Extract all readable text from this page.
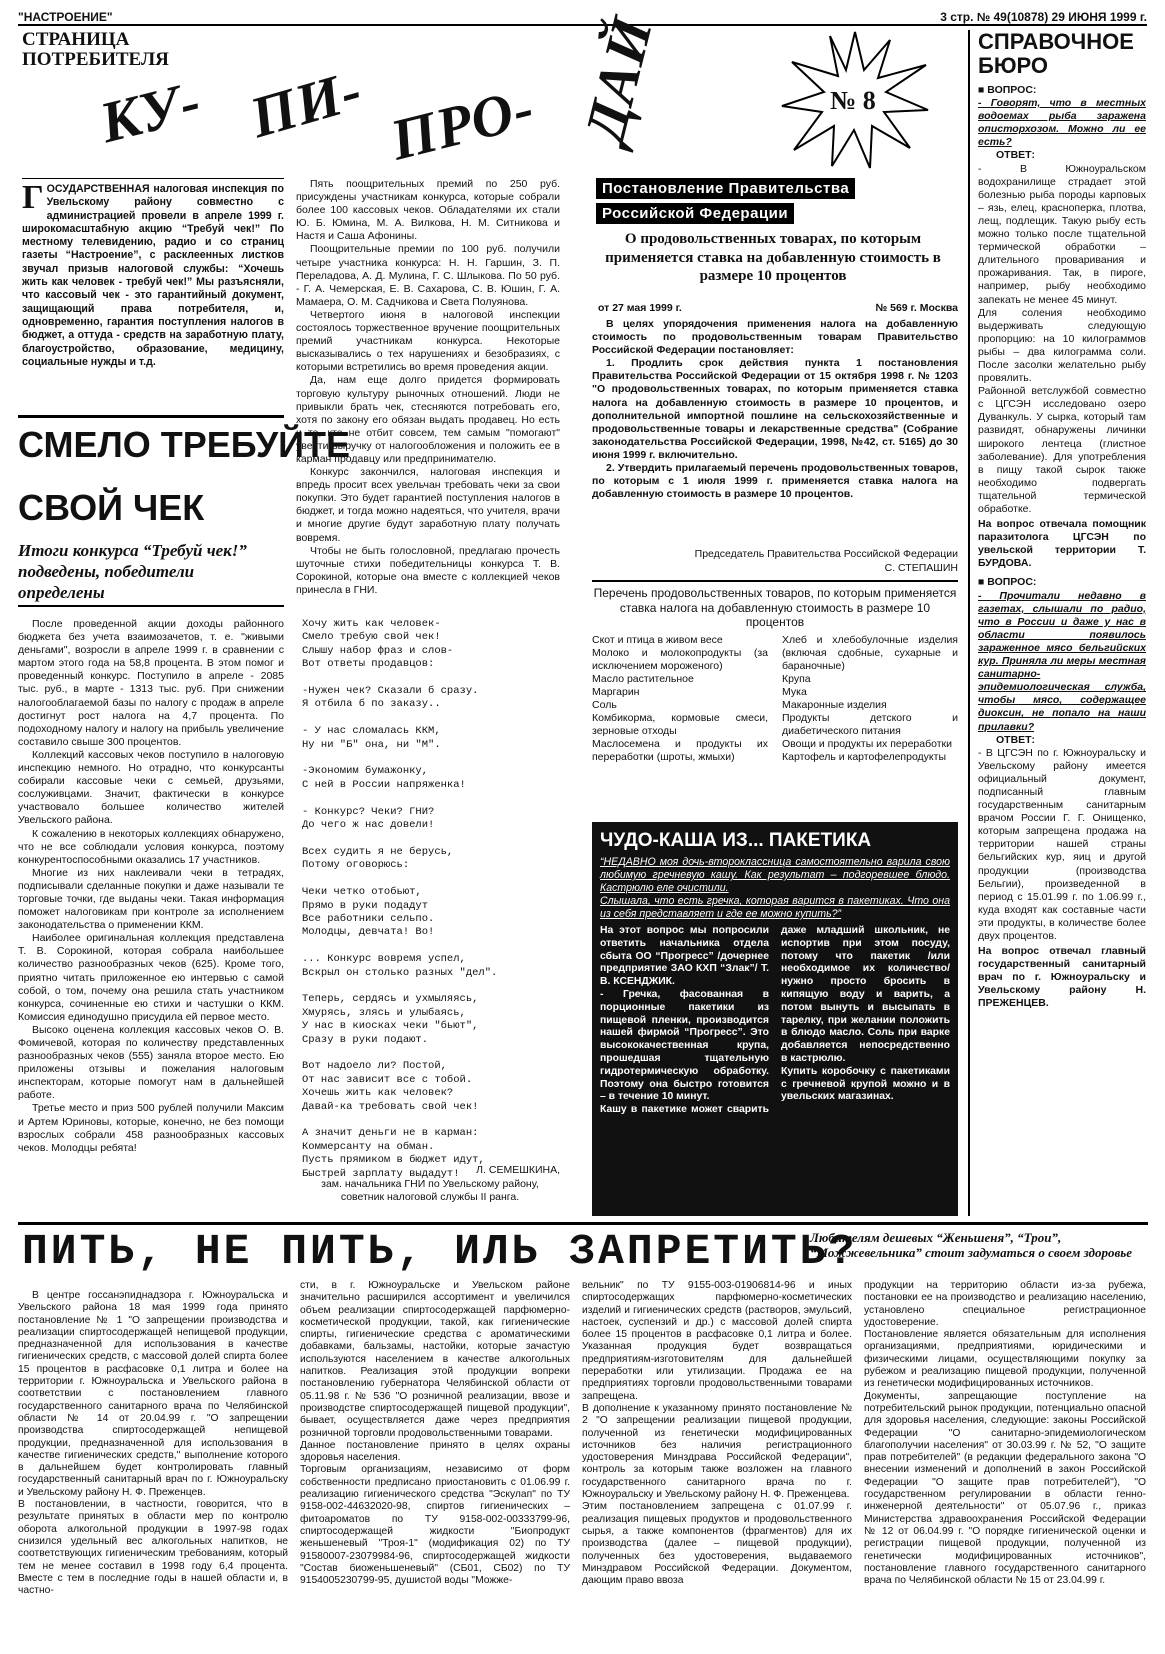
"НАСТРОЕНИЕ"	3 стр. № 49(10878) 29 ИЮНЯ 1999 г.
СТРАНИЦА
ПОТРЕБИТЕЛЯ
КУ- ПИ- ПРО- ДАЙ	№ 8
Г ОСУДАРСТВЕННАЯ налоговая инспекция по Увельскому району совместно с администрацией провели в апреле 1999 г. широкомасштабную акцию “Требуй чек!” По местному телевидению, радио и со страниц газеты “Настроение”, с расклеенных листков звучал призыв налоговой службы: “Хочешь жить как человек - требуй чек!” Мы разъясняли, что кассовый чек - это гарантийный документ, защищающий права потребителя, и, одновременно, гарантия поступления налогов в бюджет, а оттуда - средств на заработную плату, благоустройство, образование, медицину, социальные нужды и т.д.
СМЕЛО ТРЕБУЙТЕ
СВОЙ ЧЕК
Итоги конкурса “Требуй чек!” подведены, победители определены

После проведенной акции доходы районного бюджета без учета взаимозачетов, т. е. "живыми деньгами", возросли в апреле 1999 г. в сравнении с мартом этого года на 58,8 процента. В этом помог и проведенный конкурс. Поступило в апреле - 2085 тыс. руб., в марте - 1313 тыс. руб. При снижении налогооблагаемой базы по налогу с продаж в апреле достигнут рост налога на 4,7 процента. По подоходному налогу и налогу на прибыль увеличение составило свыше 300 процентов.

Коллекций кассовых чеков поступило в налоговую инспекцию немного. Но отрадно, что конкурсанты собирали кассовые чеки с семьей, друзьями, сослуживцами. Значит, фактически в конкурсе участвовало большее количество жителей Увельского района.

К сожалению в некоторых коллекциях обнаружено, что не все соблюдали условия конкурса, поэтому конкурентоспособными оказались 17 участников.

Многие из них наклеивали чеки в тетрадях, подписывали сделанные покупки и даже называли те торговые точки, где выданы чеки. Такая информация поможет налоговикам при контроле за исполнением законодательства о применении ККМ.

Наиболее оригинальная коллекция представлена Т. В. Сорокиной, которая собрала наибольшее количество разнообразных чеков (625). Кроме того, приятно читать приложенное ею интервью с самой собой, о том, почему она решила стать участником конкурса, сочиненные ею стихи и частушки о ККМ. Комиссия единодушно присудила ей первое место.

Высоко оценена коллекция кассовых чеков О. В. Фомичевой, которая по количеству представленных разнообразных чеков (555) заняла второе место. Ею приложены отзывы и пожелания налоговым инспекторам, которые помогут нам в дальнейшей работе.

Третье место и приз 500 рублей получили Максим и Артем Юриновы, которые, конечно, не без помощи взрослых собрали 458 разнообразных кассовых чеков. Молодцы ребята!

Пять поощрительных премий по 250 руб. присуждены участникам конкурса, которые собрали более 100 кассовых чеков. Обладателями их стали Ю. Б. Юмина, М. А. Вилкова, Н. М. Ситникова и Настя и Саша Афонины.

Поощрительные премии по 100 руб. получили четыре участника конкурса: Н. Н. Гаршин, З. П. Переладова, А. Д. Мулина, Г. С. Шлыкова. По 50 руб. - Г. А. Чемерская, Е. В. Сахарова, С. В. Юшин, Г. А. Мамаера, О. М. Садчикова и Света Полуянова.

Четвертого июня в налоговой инспекции состоялось торжественное вручение поощрительных премий участникам конкурса. Некоторые высказывались о тех нарушениях и безобразиях, с которыми встретились во время проведения акции.

Да, нам еще долго придется формировать торговую культуру рыночных отношений. Люди не привыкли брать чек, стесняются потребовать его, хотя по закону его обязан выдать продавец. Но есть и те, кто не отбит совсем, тем самым "помогают" увести выручку от налогообложения и положить ее в карман продавцу или предпринимателю.

Конкурс закончился, налоговая инспекция и впредь просит всех увельчан требовать чеки за свои покупки. Это будет гарантией поступления налогов в бюджет, и тогда можно надеяться, что учителя, врачи и многие другие будут заработную плату получать вовремя.

Чтобы не быть голословной, предлагаю прочесть шуточные стихи победительницы конкурса Т. В. Сорокиной, которые она вместе с коллекцией чеков принесла в ГНИ.

Хочу жить как человек-
Смело требую свой чек!
Слышу набор фраз и слов-
Вот ответы продавцов:

-Нужен чек? Сказали б сразу.
Я отбила б по заказу..

- У нас сломалась ККМ,
Ну ни "Б" она, ни "М".

-Экономим бумажонку,
С ней в России напряженка!

- Конкурс? Чеки? ГНИ?
До чего ж нас довели!

Всех судить я не берусь,
Потому оговорюсь:

Чеки четко отобьют,
Прямо в руки подадут
Все работники сельпо.
Молодцы, девчата! Во!

... Конкурс вовремя успел,
Вскрыл он столько разных "дел".

Теперь, сердясь и ухмыляясь,
Хмурясь, злясь и улыбаясь,
У нас в киосках чеки "бьют",
Сразу в руки подают.

Вот надоело ли? Постой,
От нас зависит все с тобой.
Хочешь жить как человек?
Давай-ка требовать свой чек!

А значит деньги не в карман:
Коммерсанту на обман.
Пусть прямиком в бюджет идут,
Быстрей зарплату выдадут!	Л. СЕМЕШКИНА,
зам. начальника ГНИ по Увельскому району, советник налоговой службы II ранга.
Постановление Правительства
Российской Федерации
О продовольственных товарах, по которым применяется ставка на добавленную стоимость в размере 10 процентов
от 27 мая 1999 г.	№ 569 г. Москва

В целях упорядочения применения налога на добавленную стоимость по продовольственным товарам Правительство Российской Федерации постановляет:

1. Продлить срок действия пункта 1 постановления Правительства Российской Федерации от 15 октября 1998 г. № 1203 "О продовольственных товарах, по которым применяется ставка налога на добавленную стоимость в размере 10 процентов, и дополнительной импортной пошлине на сельскохозяйственные и продовольственные товары и лекарственные средства" (Собрание законодательства Российской Федерации, 1998, №42, ст. 5165) до 30 июня 1999 г. включительно.

2. Утвердить прилагаемый перечень продовольственных товаров, по которым с 1 июля 1999 г. применяется ставка налога на добавленную стоимость в размере 10 процентов.

Председатель Правительства Российской Федерации
С. СТЕПАШИН
Перечень продовольственных товаров, по которым применяется ставка налога на добавленную стоимость в размере 10 процентов
Скот и птица в живом весе
Молоко и молокопродукты (за исключением мороженого)
Масло растительное
Маргарин
Соль
Комбикорма, кормовые смеси, зерновые отходы
Маслосемена и продукты их переработки (шроты, жмыхи)
Хлеб и хлебобулочные изделия (включая сдобные, сухарные и бараночные)
Крупа
Мука
Макаронные изделия
Продукты детского и диабетического питания
Овощи и продукты их переработки
Картофель и картофелепродукты
ЧУДО-КАША ИЗ... ПАКЕТИКА
“НЕДАВНО моя дочь-второклассница самостоятельно варила свою любимую гречневую кашу. Как результат – подгоревшее блюдо. Кастрюлю еле очистили.
Слышала, что есть гречка, которая варится в пакетиках. Что она из себя представляет и где ее можно купить?”
На этот вопрос мы попросили ответить начальника отдела сбыта ОО “Прогресс” /дочернее предприятие ЗАО КХП “Злак”/ Т. В. КСЕНДЖИК.
- Гречка, фасованная в порционные пакетики из пищевой пленки, производится нашей фирмой “Прогресс”. Это высококачественная крупа, прошедшая тщательную гидротермическую обработку. Поэтому она быстро готовится – в течение 10 минут.
Кашу в пакетике может сварить даже младший школьник, не испортив при этом посуду, потому что пакетик /или необходимое их количество/ нужно просто бросить в кипящую воду и варить, а потом вынуть и высыпать в тарелку, при желании положить в блюдо масло. Соль при варке добавляется непосредственно в кастрюлю.
Купить коробочку с пакетиками с гречневой крупой можно и в увельских магазинах.
СПРАВОЧНОЕ
БЮРО
■ ВОПРОС:
- Говорят, что в местных водоемах рыба заражена описторхозом. Можно ли ее есть?
ОТВЕТ:
- В Южноуральском водохранилище страдает этой болезнью рыба породы карповых – язь, елец, красноперка, плотва, лещ, подлещик. Такую рыбу есть можно только после тщательной термической обработки – длительного проваривания и прожаривания. Так, в пироге, например, рыбу необходимо запекать не менее 45 минут.
Для соления необходимо выдерживать следующую пропорцию: на 10 килограммов рыбы – два килограмма соли. После засолки желательно рыбу провялить.
Районной ветслужбой совместно с ЦГСЭН исследовано озеро Дуванкуль. У сырка, который там развидят, обнаружены личинки широкого лентеца (глистное заболевание). Для употребления в пищу такой сырок также необходимо подвергать тщательной термической обработке.
На вопрос отвечала помощник паразитолога ЦГСЭН по увельской территории Т. БУРДОВА.
■ ВОПРОС:
- Прочитали недавно в газетах, слышали по радио, что в России и даже у нас в области появилось зараженное мясо бельгийских кур. Приняла ли меры местная санитарно-эпидемиологическая служба, чтобы мясо, содержащее диоксин, не попало на наши прилавки?
ОТВЕТ:
- В ЦГСЭН по г. Южноуральску и Увельскому району имеется официальный документ, подписанный главным государственным санитарным врачом России Г. Г. Онищенко, которым запрещена продажа на территории нашей страны бельгийских кур, яиц и другой продукции (производства Бельгии), произведенной в период с 15.01.99 г. по 1.06.99 г., куда входят как составные части эти продукты, в количестве более двух процентов.
На вопрос отвечал главный государственный санитарный врач по г. Южноуральску и Увельскому району Н. ПРЕЖЕНЦЕВ.
ПИТЬ, НЕ ПИТЬ, ИЛЬ ЗАПРЕТИТЬ?
Любителям дешевых “Женьшеня”, “Трои”, “Можжевельника” стоит задуматься о своем здоровье
В центре госсанэпиднадзора г. Южноуральска и Увельского района 18 мая 1999 года принято постановление № 1 "О запрещении производства и реализации спиртосодержащей непищевой продукции, предназначенной для использования в качестве гигиенических средств, с массовой долей спирта более 15 процентов в расфасовке 0,1 литра и более на территории г. Южноуральска и Увельского района в соответствии с постановлением главного государственного санитарного врача по Челябинской области № 14 от 20.04.99 г. "О запрещении производства спиртосодержащей непищевой продукции, предназначенной для использования в качестве гигиенических средств," выполнение которого в дальнейшем будет контролировать главный государственный санитарный врач по г. Южноуральску и Увельскому району Н. Ф. Преженцев.
В постановлении, в частности, говорится, что в результате принятых в области мер по контролю оборота алкогольной продукции в 1997-98 годах снизился удельный вес алкогольных напитков, не соответствующих гигиеническим требованиям, который тем не менее составил в 1998 году 6,4 процента. Вместе с тем в последние годы в нашей области и, в частно-
сти, в г. Южноуральске и Увельском районе значительно расширился ассортимент и увеличился объем реализации спиртосодержащей парфюмерно-косметической продукции, такой, как гигиенические спирты, гигиенические средства с ароматическими добавками, бальзамы, настойки, которые зачастую используются населением в качестве алкогольных напитков. Реализация этой продукции вопреки постановлению губернатора Челябинской области от 05.11.98 г. № 536 "О розничной реализации, ввозе и производстве спиртосодержащей пищевой продукции", бывает, осуществляется даже через предприятия розничной торговли продовольственными товарами.
Данное постановление принято в целях охраны здоровья населения.
Торговым организациям, независимо от форм собственности предписано приостановить с 01.06.99 г. реализацию гигиенического средства "Эскулап" по ТУ 9158-002-44632020-98, спиртов гигиенических – фитоароматов по ТУ 9158-002-00333799-96, спиртосодержащей жидкости "Биопродукт женьшеневый "Троя-1" (модификация 02) по ТУ 91580007-23079984-96, спиртосодержащей жидкости "Состав биоженьшеневый" (СБ01, СБ02) по ТУ 9154005230799-95, душистой воды "Можже-
вельник" по ТУ 9155-003-01906814-96 и иных спиртосодержащих парфюмерно-косметических изделий и гигиенических средств (растворов, эмульсий, настоек, суспензий и др.) с массовой долей спирта более 15 процентов в расфасовке 0,1 литра и более. Указанная продукция будет возвращаться предприятиям-изготовителям для дальнейшей переработки или утилизации. Продажа ее на предприятиях торговли продовольственными товарами запрещена.
В дополнение к указанному принято постановление № 2 "О запрещении реализации пищевой продукции, полученной из генетически модифицированных источников без наличия регистрационного удостоверения Минздрава Российской Федерации", контроль за которым также возложен на главного государственного санитарного врача по г. Южноуральску и Увельскому району Н. Ф. Преженцева.
Этим постановлением запрещена с 01.07.99 г. реализация пищевых продуктов и продовольственного сырья, а также компонентов (фрагментов) для их производства (далее – пищевой продукции), полученных без удостоверения, выдаваемого Минздравом Российской Федерации. Документом, дающим право ввоза
продукции на территорию области из-за рубежа, постановки ее на производство и реализацию населению, установлено специальное регистрационное удостоверение.
Постановление является обязательным для исполнения организациями, предприятиями, юридическими и физическими лицами, осуществляющими покупку за рубежом и реализацию пищевой продукции, полученной из генетически модифицированных источников.
Документы, запрещающие поступление на потребительский рынок продукции, потенциально опасной для здоровья населения, следующие: законы Российской Федерации "О санитарно-эпидемиологическом благополучии населения" от 30.03.99 г. № 52, "О защите прав потребителей" (в редакции федерального закона "О внесении изменений и дополнений в закон Российской Федерации "О защите прав потребителей"), "О государственном регулировании в области генно-инженерной деятельности" от 05.07.96 г., приказ Министерства здравоохранения Российской Федерации № 12 от 06.04.99 г. "О порядке гигиенической оценки и регистрации пищевой продукции, полученной из генетически модифицированных источников", постановление главного государственного санитарного врача по Челябинской области № 15 от 23.04.99 г.
